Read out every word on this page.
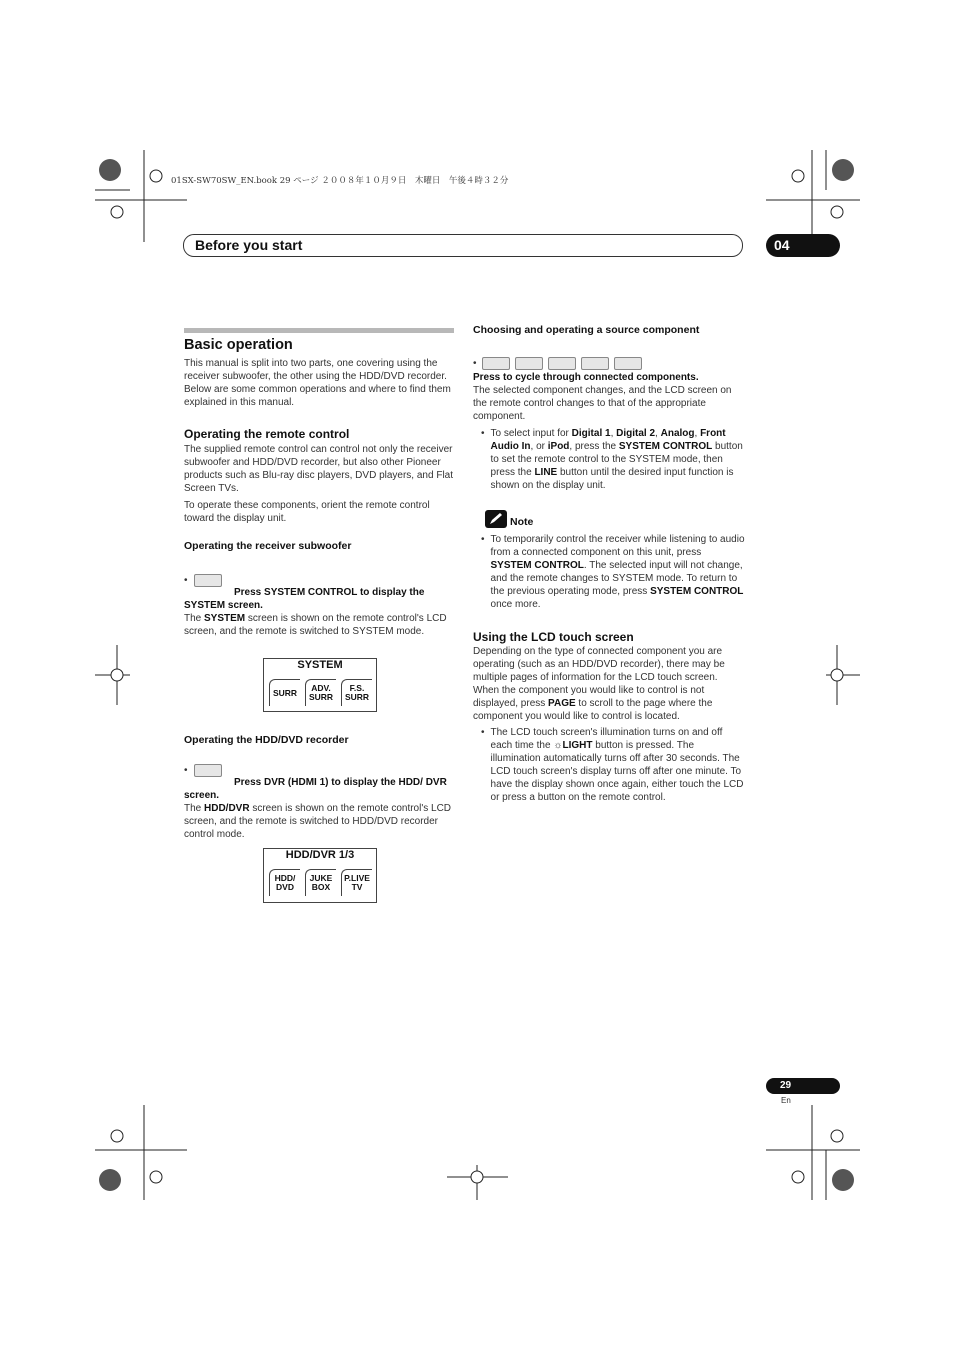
01SX-SW70SW_EN.book 29 ページ ２００８年１０月９日　木曜日　午後４時３２分
Before you start	04
Basic operation

This manual is split into two parts, one covering using the receiver subwoofer, the other using the HDD/DVD recorder. Below are some common operations and where to find them explained in this manual.

Operating the remote control

The supplied remote control can control not only the receiver subwoofer and HDD/DVD recorder, but also other Pioneer products such as Blu-ray disc players, DVD players, and Flat Screen TVs.

To operate these components, orient the remote control toward the display unit.

Operating the receiver subwoofer
•

Press SYSTEM CONTROL to display the SYSTEM screen.

The SYSTEM screen is shown on the remote control's LCD screen, and the remote is switched to SYSTEM mode.

SYSTEM
SURR	ADV. SURR
F.S. SURR
Operating the HDD/DVD recorder
•

Press DVR (HDMI 1) to display the HDD/ DVR screen.

The HDD/DVR screen is shown on the remote control's LCD screen, and the remote is switched to HDD/DVD recorder control mode.

HDD/DVR 1/3
HDD/ DVD
JUKE BOX
P.LIVE TV
Choosing and operating a source component
•

Press to cycle through connected components.

The selected component changes, and the LCD screen on the remote control changes to that of the appropriate component.

• To select input for Digital 1, Digital 2, Analog, Front Audio In, or iPod, press the SYSTEM CONTROL button to set the remote control to the SYSTEM mode, then press the LINE button until the desired input function is shown on the display unit.

Note
• To temporarily control the receiver while listening to audio from a connected component on this unit, press SYSTEM CONTROL. The selected input will not change, and the remote changes to SYSTEM mode. To return to the previous operating mode, press SYSTEM CONTROL once more.

Using the LCD touch screen

Depending on the type of connected component you are operating (such as an HDD/DVD recorder), there may be multiple pages of information for the LCD touch screen. When the component you would like to control is not displayed, press PAGE to scroll to the page where the component you would like to control is located.

• The LCD touch screen's illumination turns on and off each time the ☼LIGHT button is pressed. The illumination automatically turns off after 30 seconds. The LCD touch screen's display turns off after one minute. To have the display shown once again, either touch the LCD or press a button on the remote control.

29
En
